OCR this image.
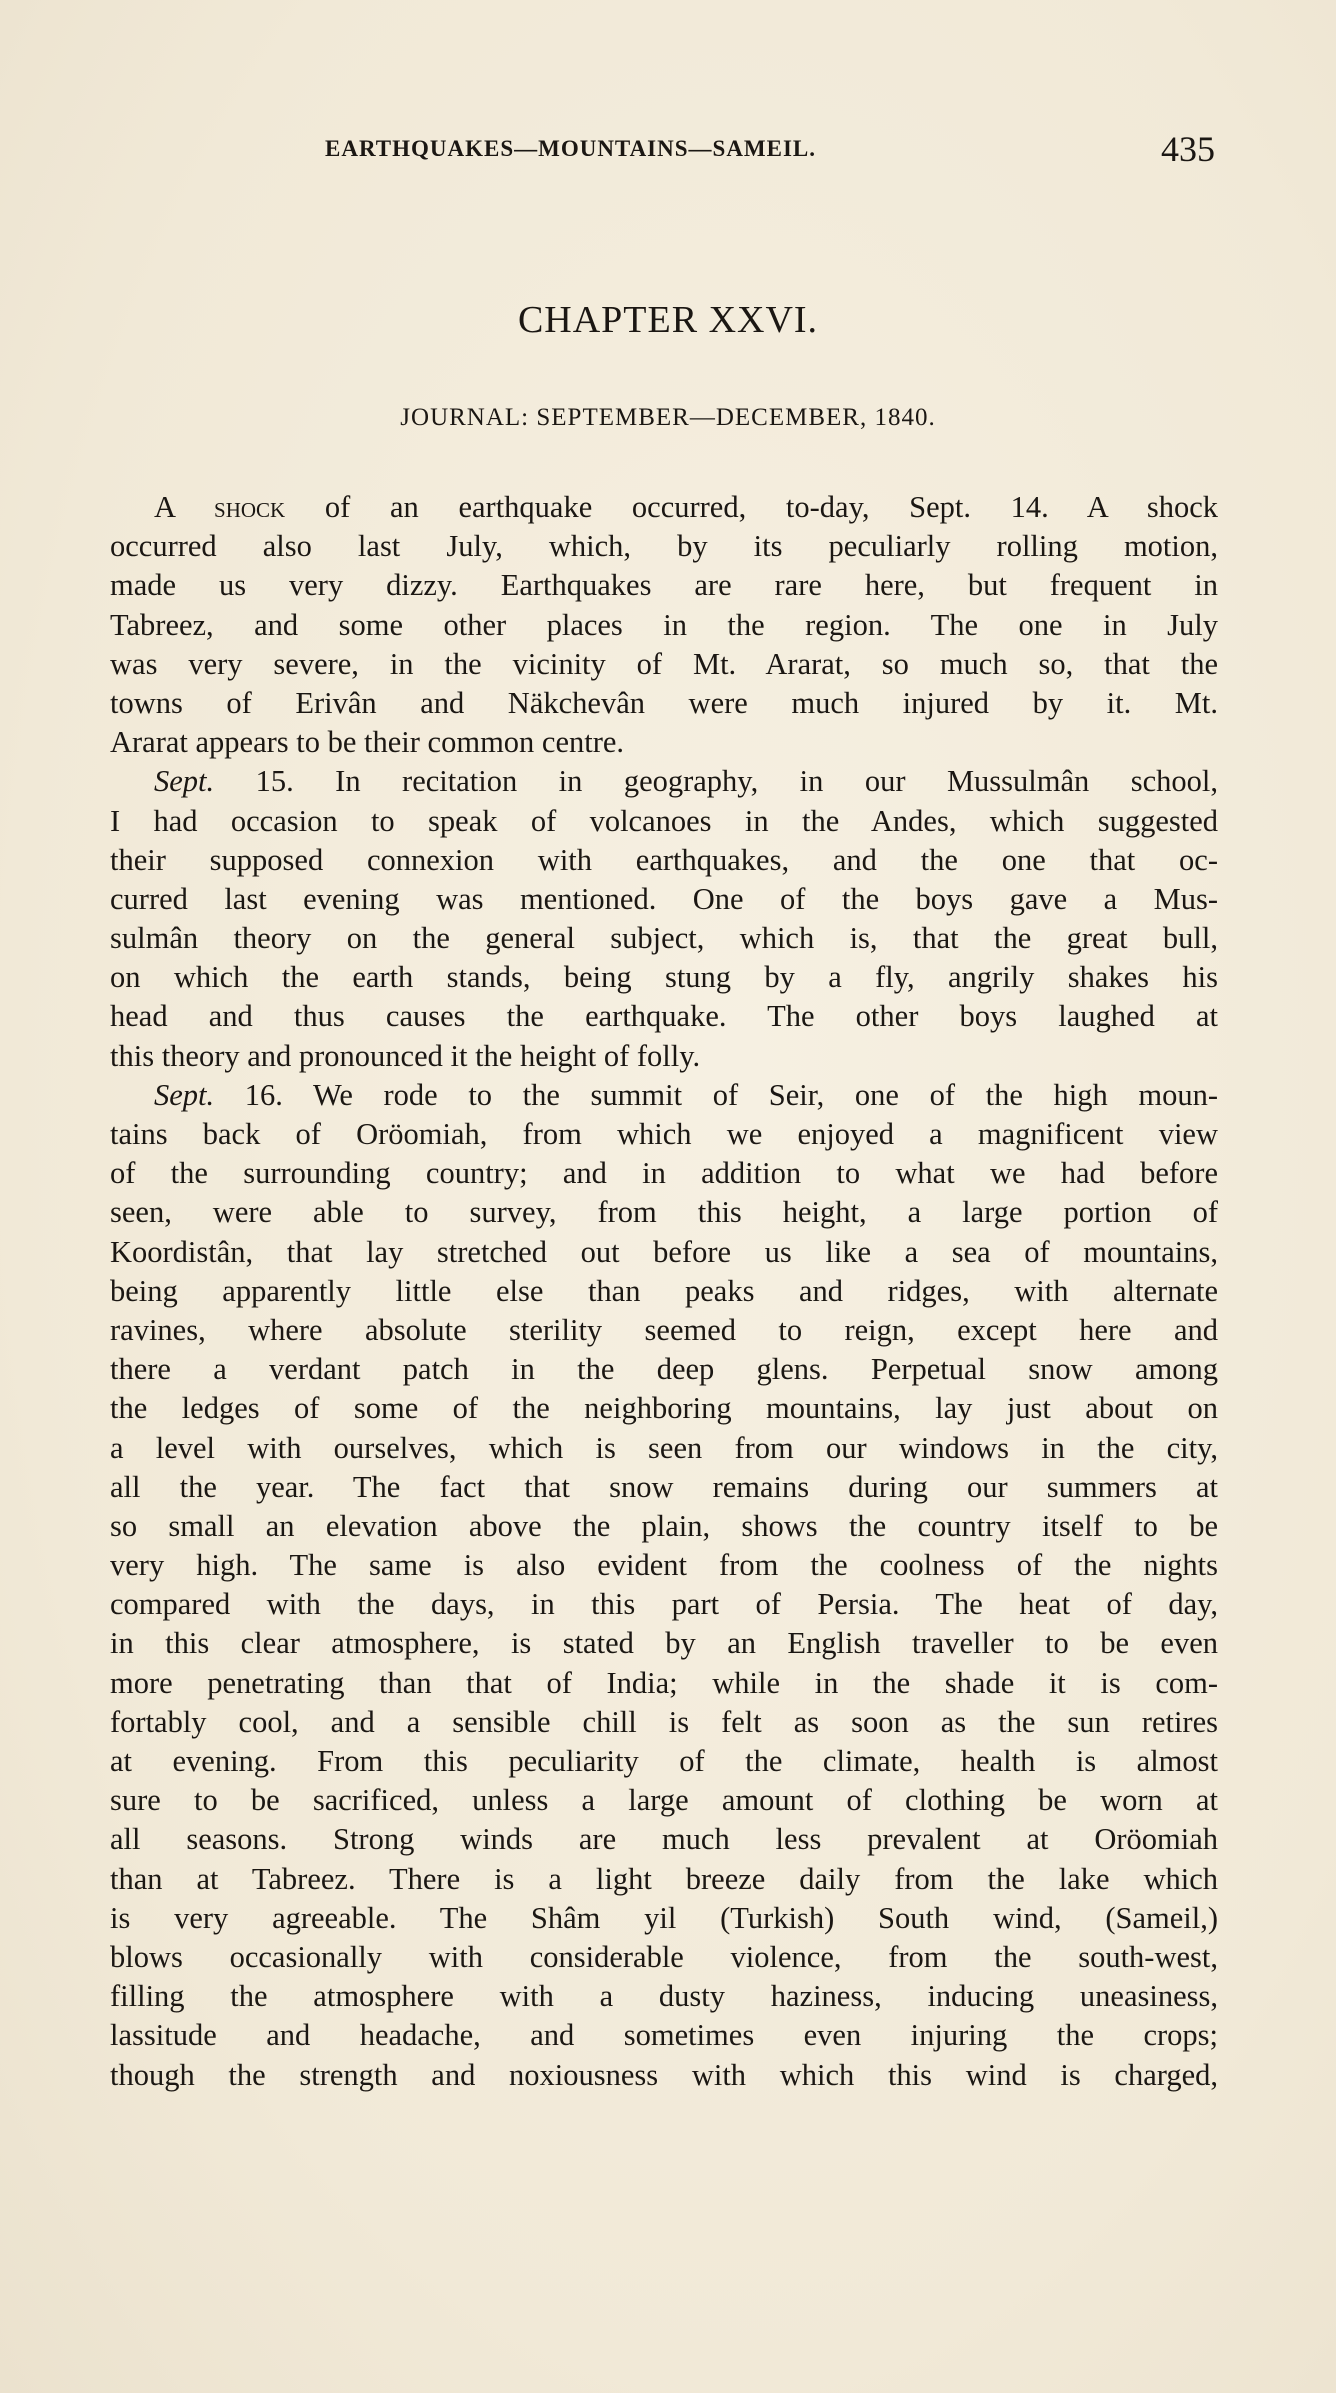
EARTHQUAKES—MOUNTAINS—SAMEIL.	435
CHAPTER XXVI.
JOURNAL: SEPTEMBER—DECEMBER, 1840.
A shock of an earthquake occurred, to-day, Sept. 14. A shock
occurred also last July, which, by its peculiarly rolling motion,
made us very dizzy. Earthquakes are rare here, but frequent in
Tabreez, and some other places in the region. The one in July
was very severe, in the vicinity of Mt. Ararat, so much so, that the
towns of Erivân and Näkchevân were much injured by it. Mt.
Ararat appears to be their common centre.
Sept. 15. In recitation in geography, in our Mussulmân school,
I had occasion to speak of volcanoes in the Andes, which suggested
their supposed connexion with earthquakes, and the one that oc-
curred last evening was mentioned. One of the boys gave a Mus-
sulmân theory on the general subject, which is, that the great bull,
on which the earth stands, being stung by a fly, angrily shakes his
head and thus causes the earthquake. The other boys laughed at
this theory and pronounced it the height of folly.
Sept. 16. We rode to the summit of Seir, one of the high moun-
tains back of Oröomiah, from which we enjoyed a magnificent view
of the surrounding country; and in addition to what we had before
seen, were able to survey, from this height, a large portion of
Koordistân, that lay stretched out before us like a sea of mountains,
being apparently little else than peaks and ridges, with alternate
ravines, where absolute sterility seemed to reign, except here and
there a verdant patch in the deep glens. Perpetual snow among
the ledges of some of the neighboring mountains, lay just about on
a level with ourselves, which is seen from our windows in the city,
all the year. The fact that snow remains during our summers at
so small an elevation above the plain, shows the country itself to be
very high. The same is also evident from the coolness of the nights
compared with the days, in this part of Persia. The heat of day,
in this clear atmosphere, is stated by an English traveller to be even
more penetrating than that of India; while in the shade it is com-
fortably cool, and a sensible chill is felt as soon as the sun retires
at evening. From this peculiarity of the climate, health is almost
sure to be sacrificed, unless a large amount of clothing be worn at
all seasons. Strong winds are much less prevalent at Oröomiah
than at Tabreez. There is a light breeze daily from the lake which
is very agreeable. The Shâm yil (Turkish) South wind, (Sameil,)
blows occasionally with considerable violence, from the south-west,
filling the atmosphere with a dusty haziness, inducing uneasiness,
lassitude and headache, and sometimes even injuring the crops;
though the strength and noxiousness with which this wind is charged,
